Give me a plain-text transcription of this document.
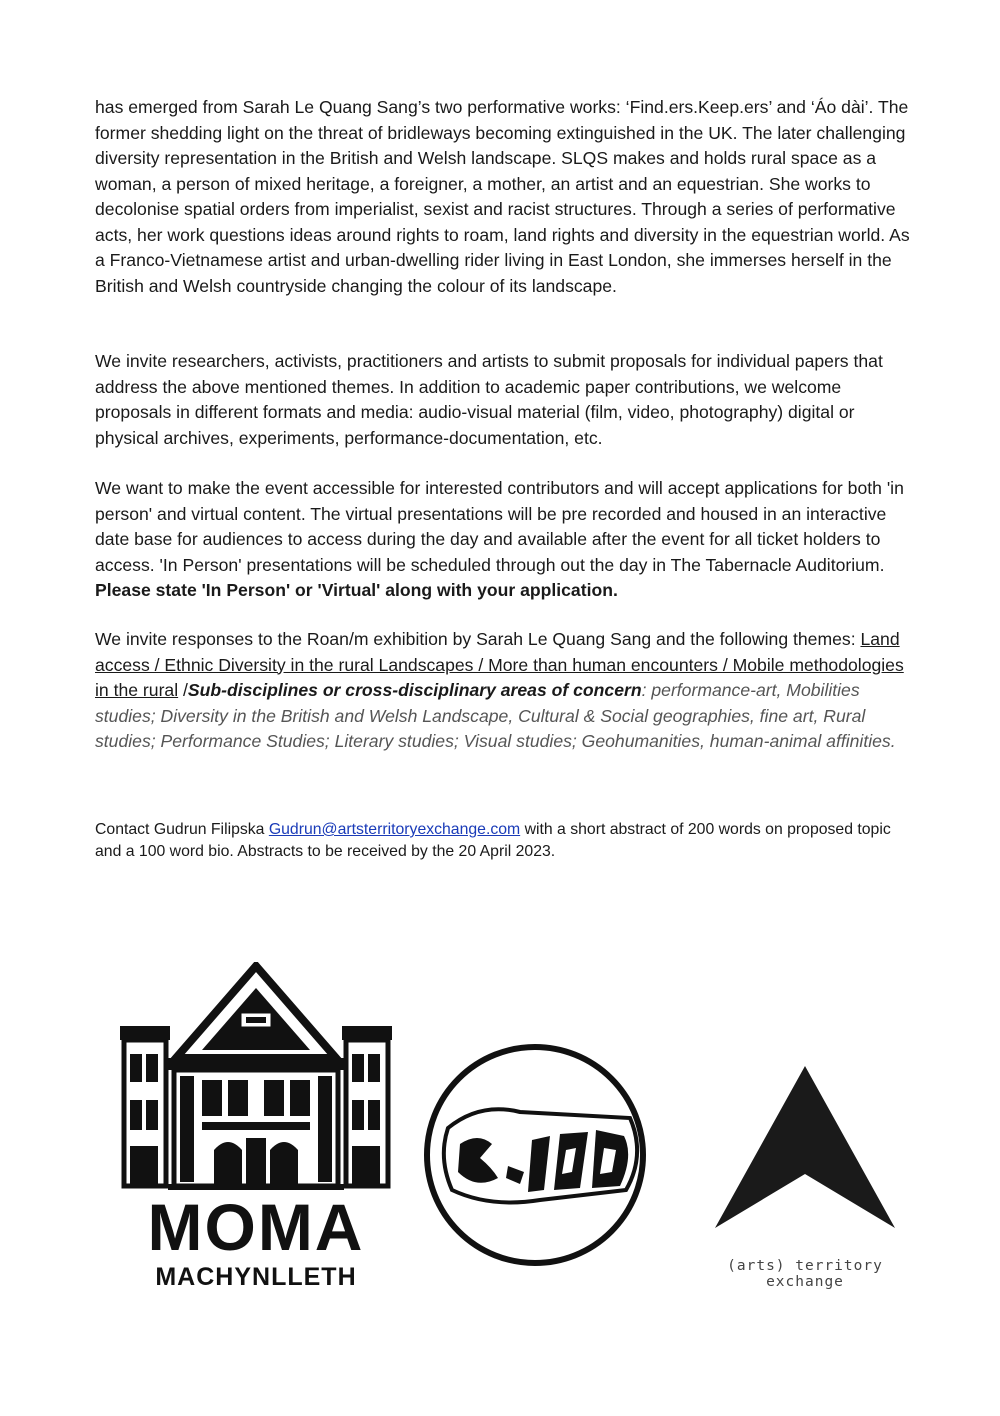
has emerged from Sarah Le Quang Sang’s two performative works: ‘Find.ers.Keep.ers’ and ‘Áo dài’. The former shedding light on the threat of bridleways becoming extinguished in the UK. The later challenging diversity representation in the British and Welsh landscape. SLQS makes and holds rural space as a woman, a person of mixed heritage, a foreigner, a mother, an artist and an equestrian. She works to decolonise spatial orders from imperialist, sexist and racist structures. Through a series of performative acts, her work questions ideas around rights to roam, land rights and diversity in the equestrian world. As a Franco-Vietnamese artist and urban-dwelling rider living in East London, she immerses herself in the British and Welsh countryside changing the colour of its landscape.

We invite researchers, activists, practitioners and artists to submit proposals for individual papers that address the above mentioned themes. In addition to academic paper contributions, we welcome proposals in different formats and media: audio-visual material (film, video, photography) digital or physical archives, experiments, performance-documentation, etc.

We want to make the event accessible for interested contributors and will accept applications for both 'in person' and virtual content. The virtual presentations will be pre recorded and housed in an interactive date base for audiences to access during the day and available after the event for all ticket holders to access. 'In Person' presentations will be scheduled through out the day in The Tabernacle Auditorium. Please state 'In Person' or 'Virtual' along with your application.

We invite responses to the Roan/m exhibition by Sarah Le Quang Sang and the following themes: Land access / Ethnic Diversity in the rural Landscapes / More than human encounters / Mobile methodologies in the rural /Sub-disciplines or cross-disciplinary areas of concern: performance-art, Mobilities studies; Diversity in the British and Welsh Landscape, Cultural & Social geographies, fine art, Rural studies; Performance Studies; Literary studies; Visual studies; Geohumanities, human-animal affinities.

Contact Gudrun Filipska Gudrun@artsterritoryexchange.com with a short abstract of 200 words on proposed topic and a 100 word bio. Abstracts to be received by the 20 April 2023.

MOMA
MACHYNLLETH	(arts) territory exchange
